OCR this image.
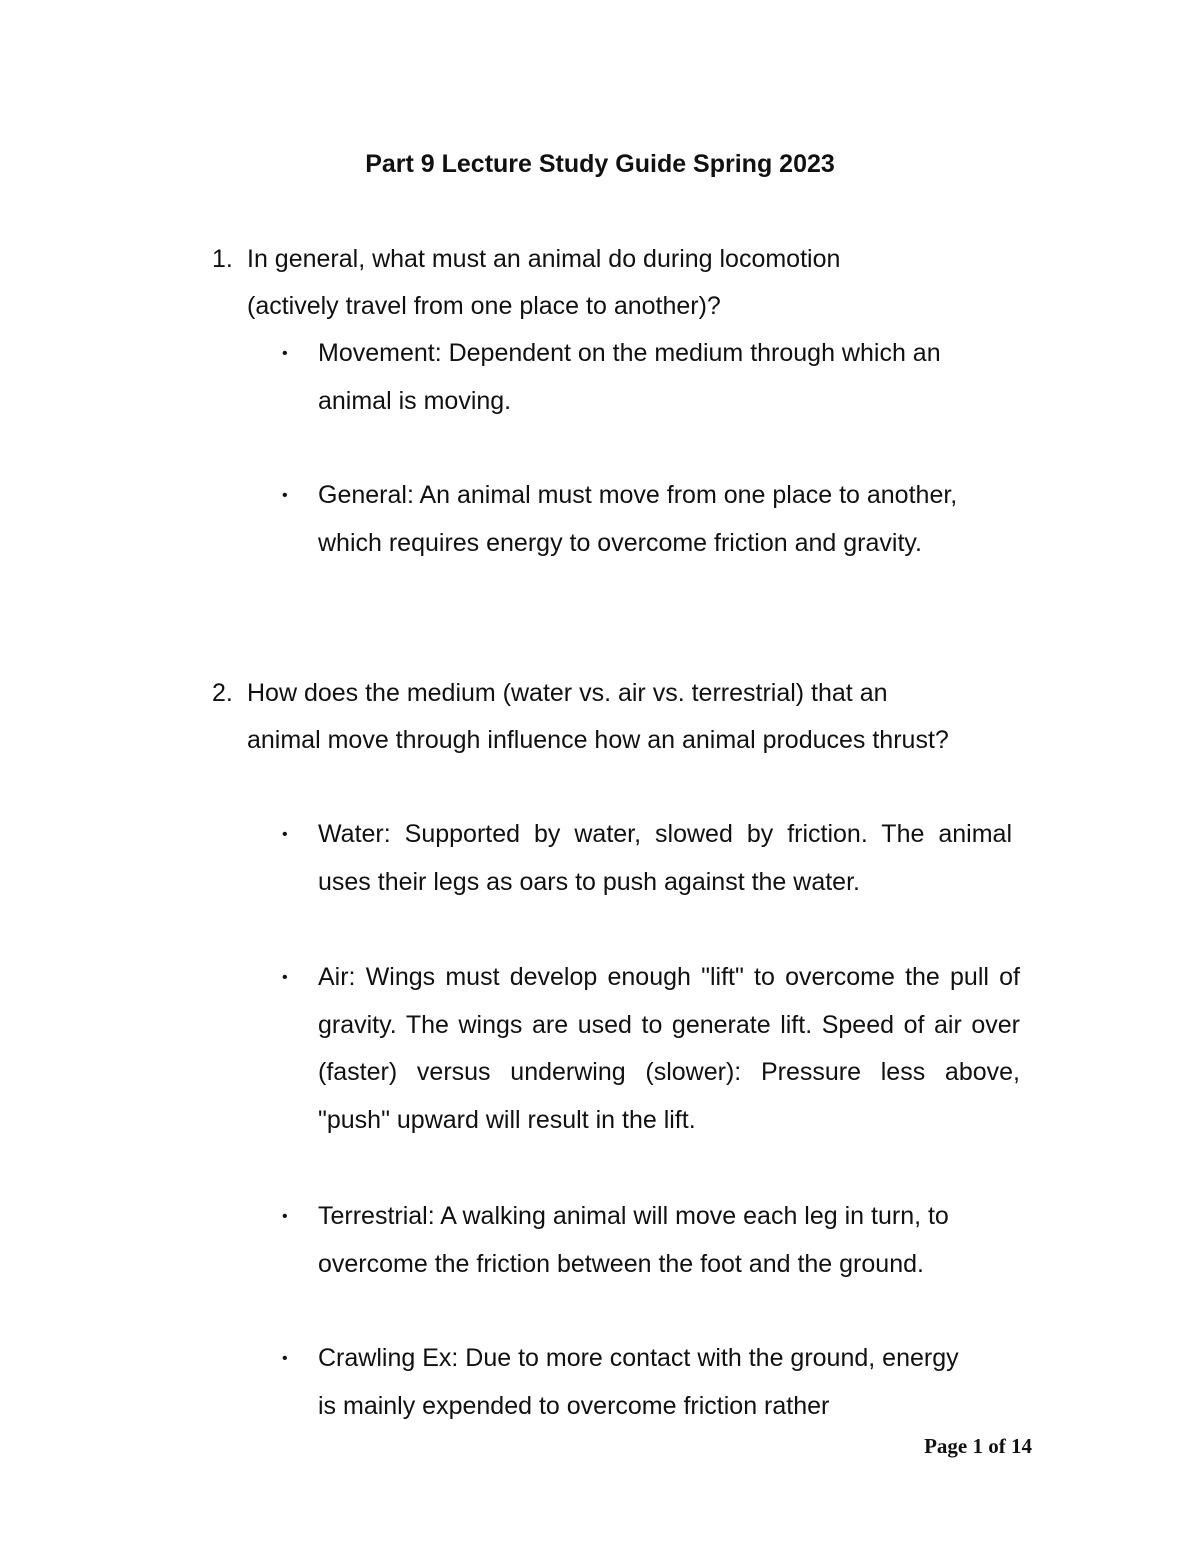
Part 9 Lecture Study Guide Spring 2023
1. In general, what must an animal do during locomotion (actively travel from one place to another)?
• Movement: Dependent on the medium through which an animal is moving.
• General: An animal must move from one place to another, which requires energy to overcome friction and gravity.
2. How does the medium (water vs. air vs. terrestrial) that an animal move through influence how an animal produces thrust?
• Water: Supported by water, slowed by friction. The animal uses their legs as oars to push against the water.
• Air: Wings must develop enough "lift" to overcome the pull of gravity. The wings are used to generate lift. Speed of air over (faster) versus underwing (slower): Pressure less above, "push" upward will result in the lift.
• Terrestrial: A walking animal will move each leg in turn, to overcome the friction between the foot and the ground.
• Crawling Ex: Due to more contact with the ground, energy is mainly expended to overcome friction rather

Page 1 of 14
